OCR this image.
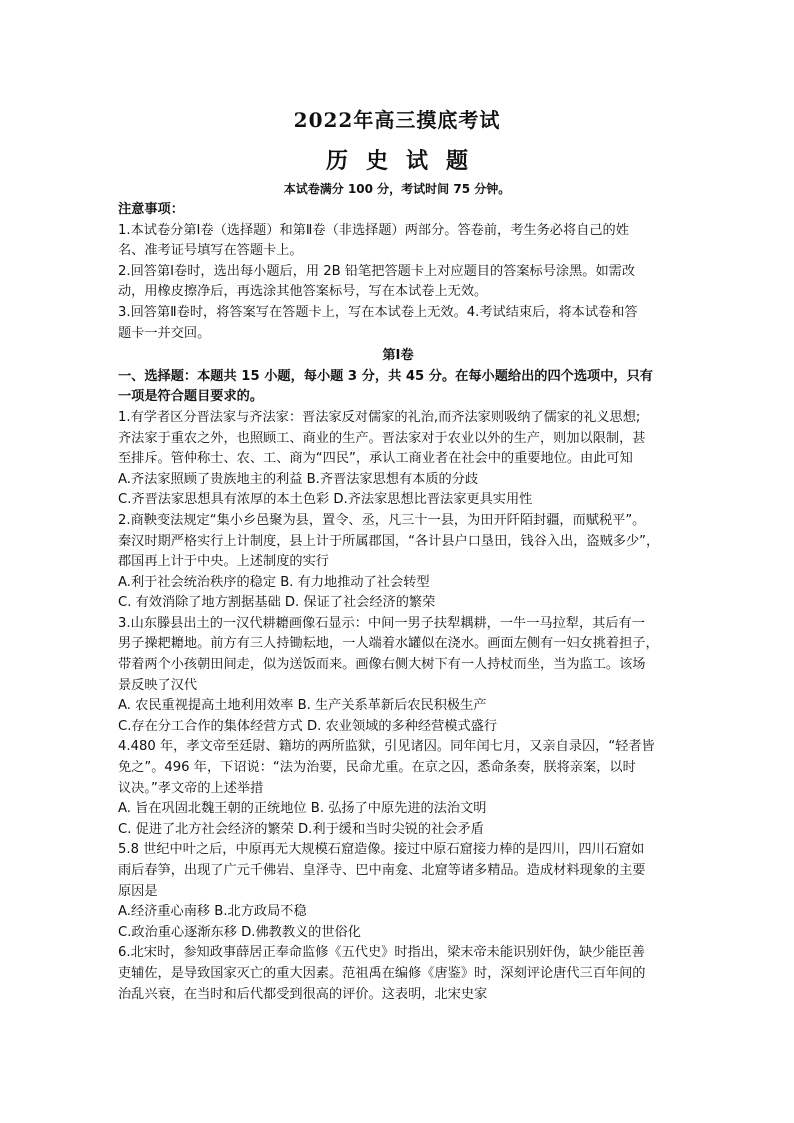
2022年高三摸底考试
历史试题
本试卷满分 100 分，考试时间 75 分钟。
注意事项：
1.本试卷分第Ⅰ卷（选择题）和第Ⅱ卷（非选择题）两部分。答卷前，考生务必将自己的姓
名、准考证号填写在答题卡上。
2.回答第Ⅰ卷时，选出每小题后，用 2B 铅笔把答题卡上对应题目的答案标号涂黑。如需改
动，用橡皮擦净后，再选涂其他答案标号，写在本试卷上无效。
3.回答第Ⅱ卷时，将答案写在答题卡上，写在本试卷上无效。4.考试结束后，将本试卷和答
题卡一并交回。
第Ⅰ卷
一、选择题：本题共 15 小题，每小题 3 分，共 45 分。在每小题给出的四个选项中，只有
一项是符合题目要求的。
1.有学者区分晋法家与齐法家：晋法家反对儒家的礼治,而齐法家则吸纳了儒家的礼义思想;
齐法家于重农之外，也照顾工、商业的生产。晋法家对于农业以外的生产，则加以限制，甚
至排斥。管仲称士、农、工、商为“四民”，承认工商业者在社会中的重要地位。由此可知
A.齐法家照顾了贵族地主的利益 B.齐晋法家思想有本质的分歧
C.齐晋法家思想具有浓厚的本土色彩 D.齐法家思想比晋法家更具实用性
2.商鞅变法规定“集小乡邑聚为县，置令、丞，凡三十一县，为田开阡陌封疆，而赋税平”。
秦汉时期严格实行上计制度，县上计于所属郡国，“各计县户口垦田，钱谷入出，盗贼多少”，
郡国再上计于中央。上述制度的实行
A.利于社会统治秩序的稳定 B. 有力地推动了社会转型
C. 有效消除了地方割据基础 D. 保证了社会经济的繁荣
3.山东滕县出土的一汉代耕耱画像石显示：中间一男子扶犁耦耕，一牛一马拉犁，其后有一
男子操耙耱地。前方有三人持锄耘地，一人端着水罐似在浇水。画面左侧有一妇女挑着担子，
带着两个小孩朝田间走，似为送饭而来。画像右侧大树下有一人持杖而坐，当为监工。该场
景反映了汉代
A. 农民重视提高土地利用效率 B. 生产关系革新后农民积极生产
C.存在分工合作的集体经营方式 D. 农业领域的多种经营模式盛行
4.480 年，孝文帝至廷尉、籍坊的两所监狱，引见诸囚。同年闰七月，又亲自录囚，“轻者皆
免之”。496 年，下诏说：“法为治要，民命尤重。在京之囚，悉命条奏，朕将亲案，以时
议决。”孝文帝的上述举措
A. 旨在巩固北魏王朝的正统地位 B. 弘扬了中原先进的法治文明
C. 促进了北方社会经济的繁荣 D.利于缓和当时尖锐的社会矛盾
5.8 世纪中叶之后，中原再无大规模石窟造像。接过中原石窟接力棒的是四川，四川石窟如
雨后春笋，出现了广元千佛岩、皇泽寺、巴中南龛、北窟等诸多精品。造成材料现象的主要
原因是
A.经济重心南移 B.北方政局不稳
C.政治重心逐渐东移 D.佛教教义的世俗化
6.北宋时，参知政事薛居正奉命监修《五代史》时指出，梁末帝未能识别奸伪，缺少能臣善
吏辅佐，是导致国家灭亡的重大因素。范祖禹在编修《唐鉴》时，深刻评论唐代三百年间的
治乱兴衰，在当时和后代都受到很高的评价。这表明，北宋史家
